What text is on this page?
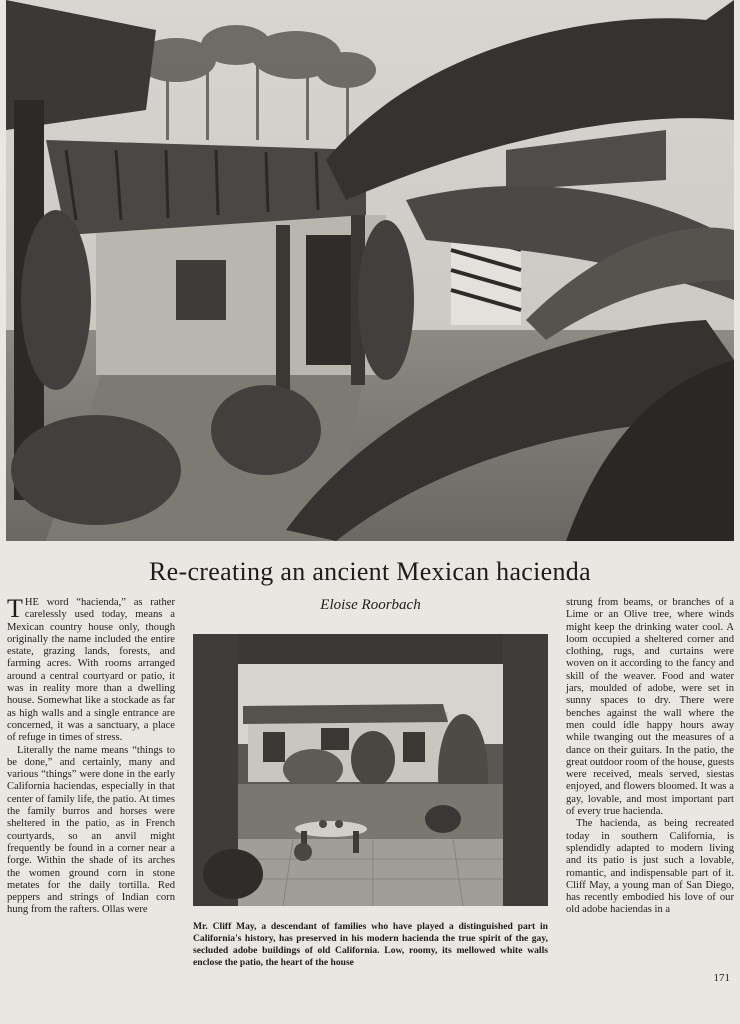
Re-creating an ancient Mexican hacienda
Eloise Roorbach

THE word “hacienda,” as rather carelessly used today, means a Mexican country house only, though originally the name included the entire estate, grazing lands, forests, and farming acres. With rooms arranged around a central courtyard or patio, it was in reality more than a dwelling house. Somewhat like a stockade as far as high walls and a single entrance are concerned, it was a sanctuary, a place of refuge in times of stress.

Literally the name means “things to be done,” and certainly, many and various “things” were done in the early California haciendas, especially in that center of family life, the patio. At times the family burros and horses were sheltered in the patio, as in French courtyards, so an anvil might frequently be found in a corner near a forge. Within the shade of its arches the women ground corn in stone metates for the daily tortilla. Red peppers and strings of Indian corn hung from the rafters. Ollas were

Mr. Cliff May, a descendant of families who have played a distinguished part in California's history, has preserved in his modern hacienda the true spirit of the gay, secluded adobe buildings of old California. Low, roomy, its mellowed white walls enclose the patio, the heart of the house

strung from beams, or branches of a Lime or an Olive tree, where winds might keep the drinking water cool. A loom occupied a sheltered corner and clothing, rugs, and curtains were woven on it according to the fancy and skill of the weaver. Food and water jars, moulded of adobe, were set in sunny spaces to dry. There were benches against the wall where the men could idle happy hours away while twanging out the measures of a dance on their guitars. In the patio, the great outdoor room of the house, guests were received, meals served, siestas enjoyed, and flowers bloomed. It was a gay, lovable, and most important part of every true hacienda.

The hacienda, as being recreated today in southern California, is splendidly adapted to modern living and its patio is just such a lovable, romantic, and indispensable part of it. Cliff May, a young man of San Diego, has recently embodied his love of our old adobe haciendas in a

171
